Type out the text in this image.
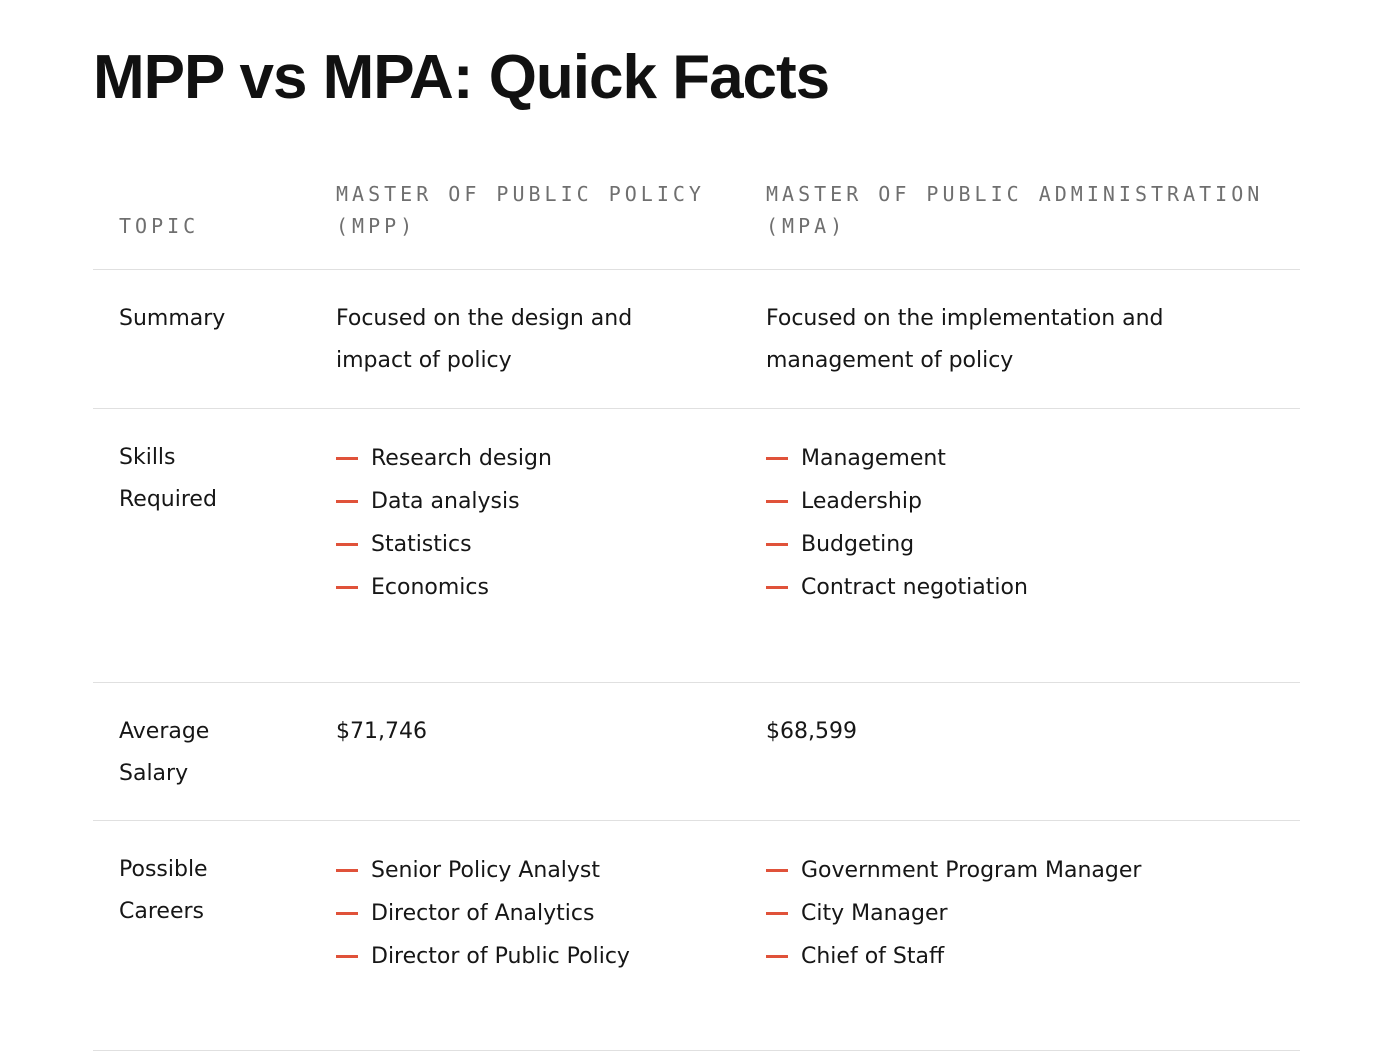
MPP vs MPA: Quick Facts
TOPIC
MASTER OF PUBLIC POLICY
(MPP)
MASTER OF PUBLIC ADMINISTRATION
(MPA)
Summary	Focused on the design and impact of policy
Focused on the implementation and management of policy
Skills
Required
Research design
Data analysis
Statistics
Economics
Management
Leadership
Budgeting
Contract negotiation
Average
Salary
$71,746	$68,599
Possible
Careers
Senior Policy Analyst
Director of Analytics
Director of Public Policy
Government Program Manager
City Manager
Chief of Staff
